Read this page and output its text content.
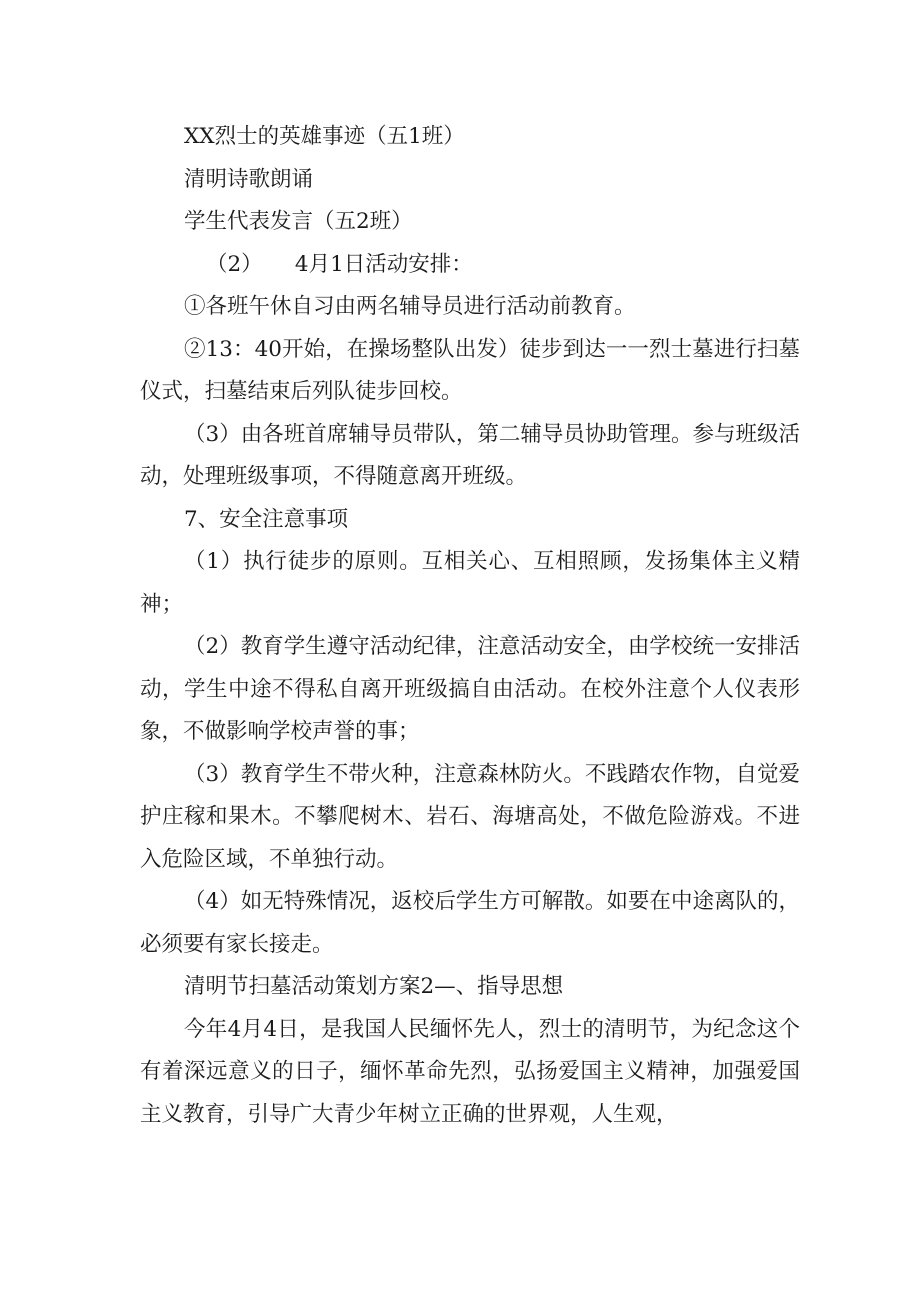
XX烈士的英雄事迹（五1班）

清明诗歌朗诵

学生代表发言（五2班）

（2）　　4月1日活动安排：

①各班午休自习由两名辅导员进行活动前教育。

②13：40开始，在操场整队出发）徒步到达一一烈士墓进行扫墓仪式，扫墓结束后列队徒步回校。

（3）由各班首席辅导员带队，第二辅导员协助管理。参与班级活动，处理班级事项，不得随意离开班级。

7、安全注意事项

（1）执行徒步的原则。互相关心、互相照顾，发扬集体主义精神；

（2）教育学生遵守活动纪律，注意活动安全，由学校统一安排活动，学生中途不得私自离开班级搞自由活动。在校外注意个人仪表形象，不做影响学校声誉的事；

（3）教育学生不带火种，注意森林防火。不践踏农作物，自觉爱护庄稼和果木。不攀爬树木、岩石、海塘高处，不做危险游戏。不进入危险区域，不单独行动。

（4）如无特殊情况，返校后学生方可解散。如要在中途离队的，必须要有家长接走。

清明节扫墓活动策划方案2—、指导思想

今年4月4日，是我国人民缅怀先人，烈士的清明节，为纪念这个有着深远意义的日子，缅怀革命先烈，弘扬爱国主义精神，加强爱国主义教育，引导广大青少年树立正确的世界观，人生观，
